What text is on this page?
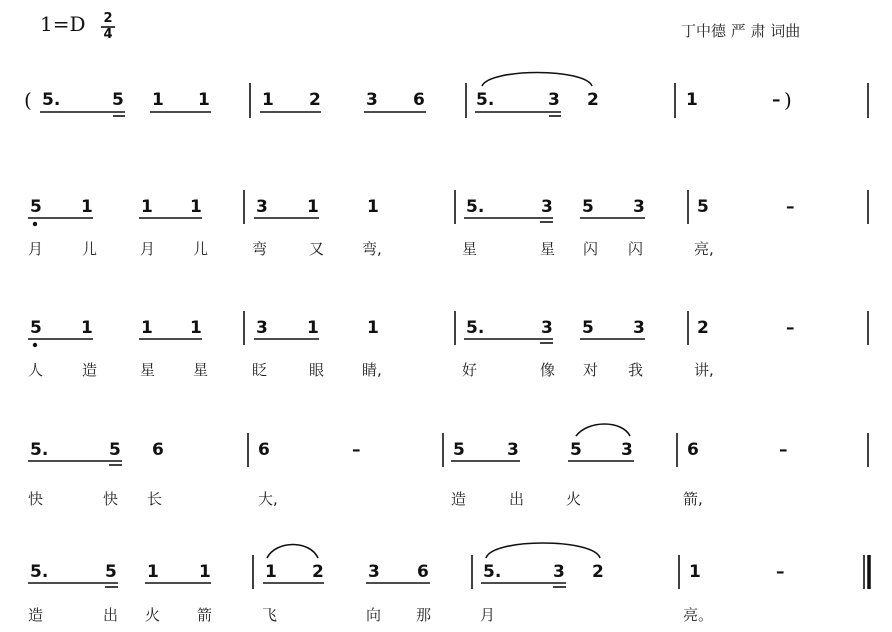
1=D 2
4	丁中德 严 肃 词曲
( 5.	5 1 1	1 2	3 6	5.	3 2	1	– )
5 1	1 1	3 1	1	5.	3 5 3	5	–
月	儿	月	儿	弯	又	弯,	星	星 闪 闪	亮,
5 1	1 1	3 1	1	5.	3 5 3	2	–
人	造	星	星	眨	眼	睛,	好	像 对 我	讲,
5.	5 6	6	–	5 3	5 3	6	–
快	快 长	大,	造	出	火	箭,
5.	5 1 1	1 2	3 6	5.	3 2	1	–
造	出 火 箭	飞	向 那	月	亮。
